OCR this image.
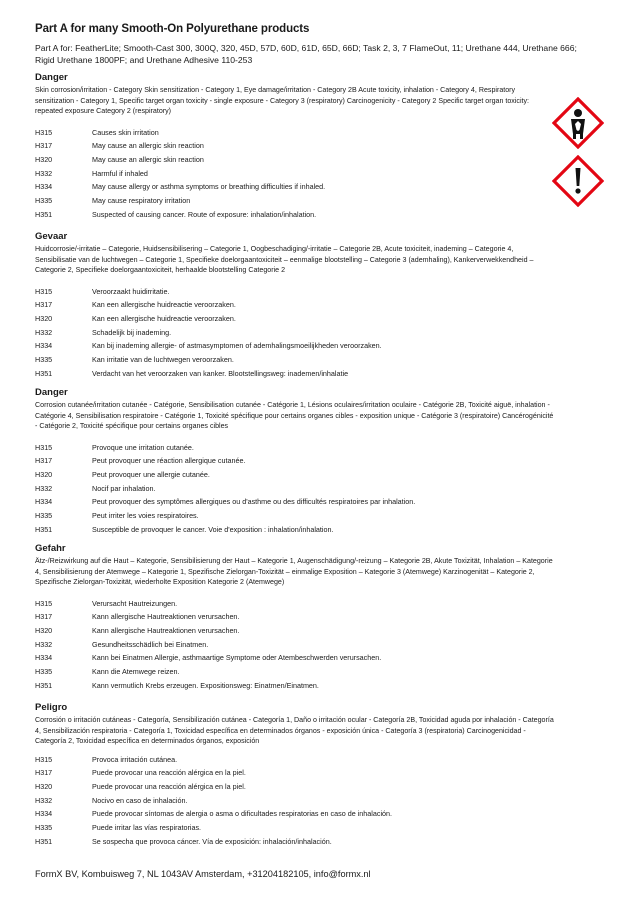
Part A for many Smooth-On Polyurethane products
Part A for: FeatherLite; Smooth-Cast 300, 300Q, 320, 45D, 57D, 60D, 61D, 65D, 66D; Task 2, 3, 7 FlameOut, 11; Urethane 444, Urethane 666; Rigid Urethane 1800PF; and Urethane Adhesive 110-253
Danger
Skin corrosion/irritation - Category Skin sensitization - Category 1, Eye damage/irritation - Category 2B Acute toxicity, inhalation - Category 4, Respiratory sensitization - Category 1, Specific target organ toxicity - single exposure - Category 3 (respiratory) Carcinogenicity - Category 2 Specific target organ toxicity: repeated exposure Category 2 (respiratory)
H315	Causes skin irritation
H317	May cause an allergic skin reaction
H320	May cause an allergic skin reaction
H332	Harmful if inhaled
H334	May cause allergy or asthma symptoms or breathing difficulties if inhaled.
H335	May cause respiratory irritation
H351	Suspected of causing cancer. Route of exposure: inhalation/inhalation.
Gevaar
Huidcorrosie/-irritatie – Categorie, Huidsensibilisering – Categorie 1, Oogbeschadiging/-irritatie – Categorie 2B, Acute toxiciteit, inademing – Categorie 4, Sensibilisatie van de luchtwegen – Categorie 1, Specifieke doelorgaantoxiciteit – eenmalige blootstelling – Categorie 3 (ademhaling), Kankerverwekkendheid – Categorie 2, Specifieke doelorgaantoxiciteit, herhaalde blootstelling Categorie 2
H315	Veroorzaakt huidirritatie.
H317	Kan een allergische huidreactie veroorzaken.
H320	Kan een allergische huidreactie veroorzaken.
H332	Schadelijk bij inademing.
H334	Kan bij inademing allergie- of astmasymptomen of ademhalingsmoeilijkheden veroorzaken.
H335	Kan irritatie van de luchtwegen veroorzaken.
H351	Verdacht van het veroorzaken van kanker. Blootstellingsweg: inademen/inhalatie
Danger
Corrosion cutanée/irritation cutanée - Catégorie, Sensibilisation cutanée - Catégorie 1, Lésions oculaires/irritation oculaire - Catégorie 2B, Toxicité aiguë, inhalation - Catégorie 4, Sensibilisation respiratoire - Catégorie 1, Toxicité spécifique pour certains organes cibles - exposition unique - Catégorie 3 (respiratoire) Cancérogénicité - Catégorie 2, Toxicité spécifique pour certains organes cibles
H315	Provoque une irritation cutanée.
H317	Peut provoquer une réaction allergique cutanée.
H320	Peut provoquer une allergie cutanée.
H332	Nocif par inhalation.
H334	Peut provoquer des symptômes allergiques ou d'asthme ou des difficultés respiratoires par inhalation.
H335	Peut irriter les voies respiratoires.
H351	Susceptible de provoquer le cancer. Voie d'exposition : inhalation/inhalation.
Gefahr
Ätz-/Reizwirkung auf die Haut – Kategorie, Sensibilisierung der Haut – Kategorie 1, Augenschädigung/-reizung – Kategorie 2B, Akute Toxizität, Inhalation – Kategorie 4, Sensibilisierung der Atemwege – Kategorie 1, Spezifische Zielorgan-Toxizität – einmalige Exposition – Kategorie 3 (Atemwege) Karzinogenität – Kategorie 2, Spezifische Zielorgan-Toxizität, wiederholte Exposition Kategorie 2 (Atemwege)
H315	Verursacht Hautreizungen.
H317	Kann allergische Hautreaktionen verursachen.
H320	Kann allergische Hautreaktionen verursachen.
H332	Gesundheitsschädlich bei Einatmen.
H334	Kann bei Einatmen Allergie, asthmaartige Symptome oder Atembeschwerden verursachen.
H335	Kann die Atemwege reizen.
H351	Kann vermutlich Krebs erzeugen. Expositionsweg: Einatmen/Einatmen.
Peligro
Corrosión o irritación cutáneas - Categoría, Sensibilización cutánea - Categoría 1, Daño o irritación ocular - Categoría 2B, Toxicidad aguda por inhalación - Categoría 4, Sensibilización respiratoria - Categoría 1, Toxicidad específica en determinados órganos - exposición única - Categoría 3 (respiratoria) Carcinogenicidad - Categoría 2, Toxicidad específica en determinados órganos, exposición
H315	Provoca irritación cutánea.
H317	Puede provocar una reacción alérgica en la piel.
H320	Puede provocar una reacción alérgica en la piel.
H332	Nocivo en caso de inhalación.
H334	Puede provocar síntomas de alergia o asma o dificultades respiratorias en caso de inhalación.
H335	Puede irritar las vías respiratorias.
H351	Se sospecha que provoca cáncer. Vía de exposición: inhalación/inhalación.
FormX BV, Kombuisweg 7, NL 1043AV Amsterdam, +31204182105, info@formx.nl
